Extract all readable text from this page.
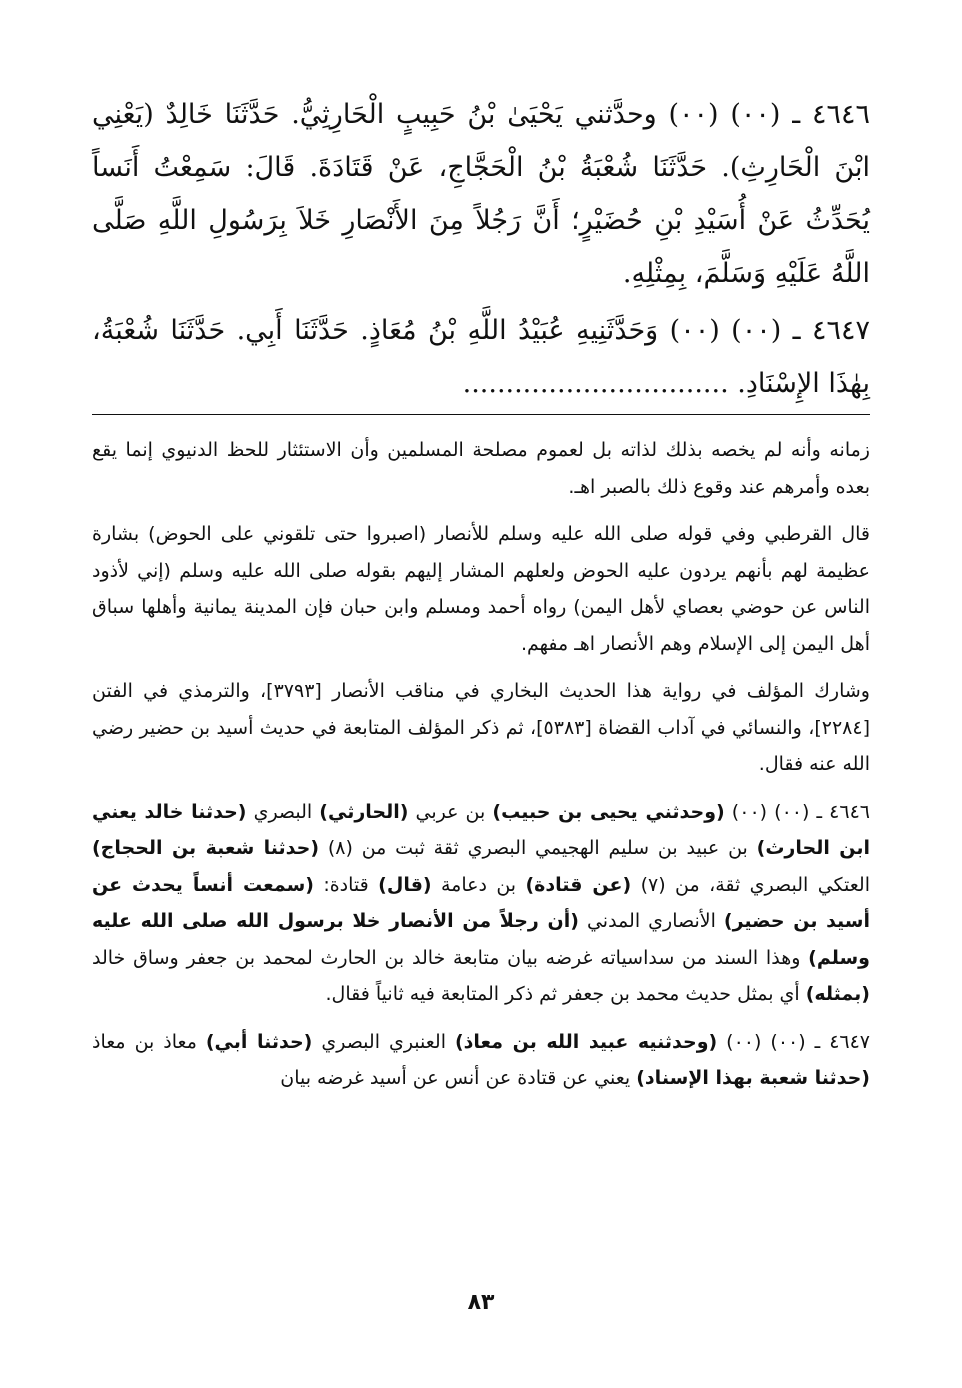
٤٦٤٦ ـ (٠٠) (٠٠) وحدَّثني يَحْيَىٰ بْنُ حَبِيبٍ الْحَارِثِيُّ. حَدَّثَنَا خَالِدٌ (يَعْنِي ابْنَ الْحَارِثِ). حَدَّثَنَا شُعْبَةُ بْنُ الْحَجَّاجِ، عَنْ قَتَادَةَ. قَالَ: سَمِعْتُ أَنَساً يُحَدِّثُ عَنْ أُسَيْدِ بْنِ حُضَيْرٍ؛ أَنَّ رَجُلاً مِنَ الأَنْصَارِ خَلاَ بِرَسُولِ اللَّهِ صَلَّى اللَّهُ عَلَيْهِ وَسَلَّمَ، بِمِثْلِهِ.

٤٦٤٧ ـ (٠٠) (٠٠) وَحَدَّثَنِيهِ عُبَيْدُ اللَّهِ بْنُ مُعَاذٍ. حَدَّثَنَا أَبِي. حَدَّثَنَا شُعْبَةُ، بِهٰذَا الإِسْنَادِ. ...............................

زمانه وأنه لم يخصه بذلك لذاته بل لعموم مصلحة المسلمين وأن الاستئثار للحظ الدنيوي إنما يقع بعده وأمرهم عند وقوع ذلك بالصبر اهـ.

قال القرطبي وفي قوله صلى الله عليه وسلم للأنصار (اصبروا حتى تلقوني على الحوض) بشارة عظيمة لهم بأنهم يردون عليه الحوض ولعلهم المشار إليهم بقوله صلى الله عليه وسلم (إني لأذود الناس عن حوضي بعصاي لأهل اليمن) رواه أحمد ومسلم وابن حبان فإن المدينة يمانية وأهلها سباق أهل اليمن إلى الإسلام وهم الأنصار اهـ مفهم.

وشارك المؤلف في رواية هذا الحديث البخاري في مناقب الأنصار [٣٧٩٣]، والترمذي في الفتن [٢٢٨٤]، والنسائي في آداب القضاة [٥٣٨٣]، ثم ذكر المؤلف المتابعة في حديث أسيد بن حضير رضي الله عنه فقال.

٤٦٤٦ ـ (٠٠) (٠٠) (وحدثني يحيى بن حبيب) بن عربي (الحارثي) البصري (حدثنا خالد يعني ابن الحارث) بن عبيد بن سليم الهجيمي البصري ثقة ثبت من (٨) (حدثنا شعبة بن الحجاج) العتكي البصري ثقة، من (٧) (عن قتادة) بن دعامة (قال) قتادة: (سمعت أنساً يحدث عن أسيد بن حضير) الأنصاري المدني (أن رجلاً من الأنصار خلا برسول الله صلى الله عليه وسلم) وهذا السند من سداسياته غرضه بيان متابعة خالد بن الحارث لمحمد بن جعفر وساق خالد (بمثله) أي بمثل حديث محمد بن جعفر ثم ذكر المتابعة فيه ثانياً فقال.

٤٦٤٧ ـ (٠٠) (٠٠) (وحدثنيه عبيد الله بن معاذ) العنبري البصري (حدثنا أبي) معاذ بن معاذ (حدثنا شعبة بهذا الإسناد) يعني عن قتادة عن أنس عن أسيد غرضه بيان

٨٣
